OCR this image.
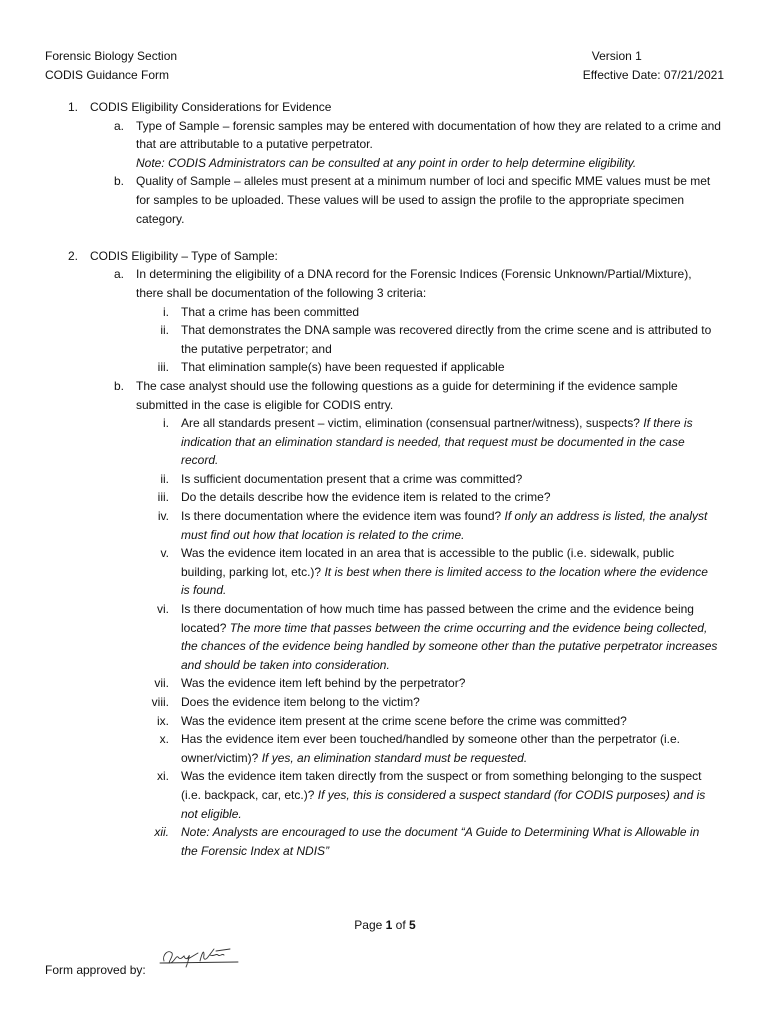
Forensic Biology Section
CODIS Guidance Form
Version 1
Effective Date: 07/21/2021
1. CODIS Eligibility Considerations for Evidence
a. Type of Sample – forensic samples may be entered with documentation of how they are related to a crime and that are attributable to a putative perpetrator.
Note: CODIS Administrators can be consulted at any point in order to help determine eligibility.
b. Quality of Sample – alleles must present at a minimum number of loci and specific MME values must be met for samples to be uploaded. These values will be used to assign the profile to the appropriate specimen category.
2. CODIS Eligibility – Type of Sample:
a. In determining the eligibility of a DNA record for the Forensic Indices (Forensic Unknown/Partial/Mixture), there shall be documentation of the following 3 criteria:
i. That a crime has been committed
ii. That demonstrates the DNA sample was recovered directly from the crime scene and is attributed to the putative perpetrator; and
iii. That elimination sample(s) have been requested if applicable
b. The case analyst should use the following questions as a guide for determining if the evidence sample submitted in the case is eligible for CODIS entry.
i. Are all standards present – victim, elimination (consensual partner/witness), suspects? If there is indication that an elimination standard is needed, that request must be documented in the case record.
ii. Is sufficient documentation present that a crime was committed?
iii. Do the details describe how the evidence item is related to the crime?
iv. Is there documentation where the evidence item was found? If only an address is listed, the analyst must find out how that location is related to the crime.
v. Was the evidence item located in an area that is accessible to the public (i.e. sidewalk, public building, parking lot, etc.)? It is best when there is limited access to the location where the evidence is found.
vi. Is there documentation of how much time has passed between the crime and the evidence being located? The more time that passes between the crime occurring and the evidence being collected, the chances of the evidence being handled by someone other than the putative perpetrator increases and should be taken into consideration.
vii. Was the evidence item left behind by the perpetrator?
viii. Does the evidence item belong to the victim?
ix. Was the evidence item present at the crime scene before the crime was committed?
x. Has the evidence item ever been touched/handled by someone other than the perpetrator (i.e. owner/victim)? If yes, an elimination standard must be requested.
xi. Was the evidence item taken directly from the suspect or from something belonging to the suspect (i.e. backpack, car, etc.)? If yes, this is considered a suspect standard (for CODIS purposes) and is not eligible.
xii. Note: Analysts are encouraged to use the document “A Guide to Determining What is Allowable in the Forensic Index at NDIS”
Page 1 of 5
Form approved by:
